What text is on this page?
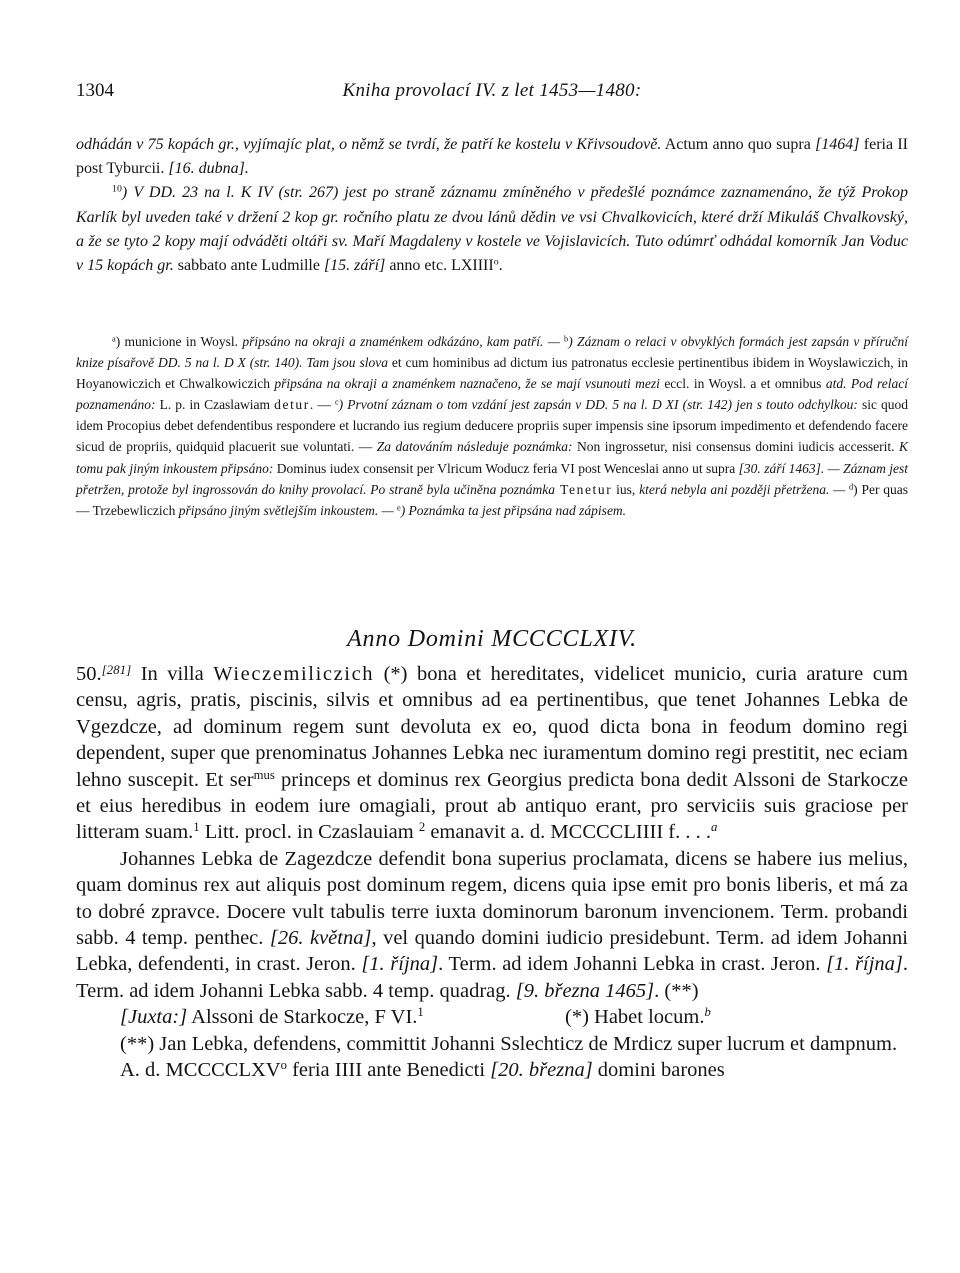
1304	Kniha provolací IV. z let 1453—1480:

odhádán v 75 kopách gr., vyjímajíc plat, o němž se tvrdí, že patří ke kostelu v Křivsoudově. Actum anno quo supra [1464] feria II post Tyburcii. [16. dubna].

$^{10}$) V DD. 23 na l. K IV (str. 267) jest po straně záznamu zmíněného v předešlé poznámce zaznamenáno, že týž Prokop Karlík byl uveden také v držení 2 kop gr. ročního platu ze dvou lánů dědin ve vsi Chvalkovicích, které drží Mikuláš Chvalkovský, a že se tyto 2 kopy mají odváděti oltáři sv. Maří Magdaleny v kostele ve Vojislavicích. Tuto odúmrť odhádal komorník Jan Voduc v 15 kopách gr. sabbato ante Ludmille [15. září] anno etc. LXIIII$^o$.

$^a$) municione in Woysl. připsáno na okraji a znaménkem odkázáno, kam patří. — $^b$) Záznam o relaci v obvyklých formách jest zapsán v příruční knize písařově DD. 5 na l. D X (str. 140). Tam jsou slova et cum hominibus ad dictum ius patronatus ecclesie pertinentibus ibidem in Woyslawiczich, in Hoyanowiczich et Chwalkowiczich připsána na okraji a znaménkem naznačeno, že se mají vsunouti mezi eccl. in Woysl. a et omnibus atd. Pod relací poznamenáno: L. p. in Czaslawiam detur. — $^c$) Prvotní záznam o tom vzdání jest zapsán v DD. 5 na l. D XI (str. 142) jen s touto odchylkou: sic quod idem Procopius debet defendentibus respondere et lucrando ius regium deducere propriis super impensis sine ipsorum impedimento et defendendo facere sicud de propriis, quidquid placuerit sue voluntati. — Za datováním následuje poznámka: Non ingrossetur, nisi consensus domini iudicis accesserit. K tomu pak jiným inkoustem připsáno: Dominus iudex consensit per Vlricum Woducz feria VI post Wenceslai anno ut supra [30. září 1463]. — Záznam jest přetržen, protože byl ingrossován do knihy provolací. Po straně byla učiněna poznámka Tenetur ius, která nebyla ani později přetržena. — $^d$) Per quas — Trzebewliczich připsáno jiným světlejším inkoustem. — $^e$) Poznámka ta jest připsána nad zápisem.

Anno Domini MCCCCLXIV.

50.[281] In villa Wieczemiliczich (*) bona et hereditates, videlicet municio, curia arature cum censu, agris, pratis, piscinis, silvis et omnibus ad ea pertinentibus, que tenet Johannes Lebka de Vgezdcze, ad dominum regem sunt devoluta ex eo, quod dicta bona in feodum domino regi dependent, super que prenominatus Johannes Lebka nec iuramentum domino regi prestitit, nec eciam lehno suscepit. Et ser$^{mus}$ princeps et dominus rex Georgius predicta bona dedit Alssoni de Starkocze et eius heredibus in eodem iure omagiali, prout ab antiquo erant, pro serviciis suis graciose per litteram suam.$^1$ Litt. procl. in Czaslauiam $^2$ emanavit a. d. MCCCCLIIII f. . . .$^a$

Johannes Lebka de Zagezdcze defendit bona superius proclamata, dicens se habere ius melius, quam dominus rex aut aliquis post dominum regem, dicens quia ipse emit pro bonis liberis, et má za to dobré zpravce. Docere vult tabulis terre iuxta dominorum baronum invencionem. Term. probandi sabb. 4 temp. penthec. [26. května], vel quando domini iudicio presidebunt. Term. ad idem Johanni Lebka, defendenti, in crast. Jeron. [1. října]. Term. ad idem Johanni Lebka in crast. Jeron. [1. října]. Term. ad idem Johanni Lebka sabb. 4 temp. quadrag. [9. března 1465]. (**)

[Juxta:] Alssoni de Starkocze, F VI.$^1$	(*) Habet locum.$^b$

(**) Jan Lebka, defendens, committit Johanni Sslechticz de Mrdicz super lucrum et dampnum.

A. d. MCCCCLXV$^o$ feria IIII ante Benedicti [20. března] domini barones
